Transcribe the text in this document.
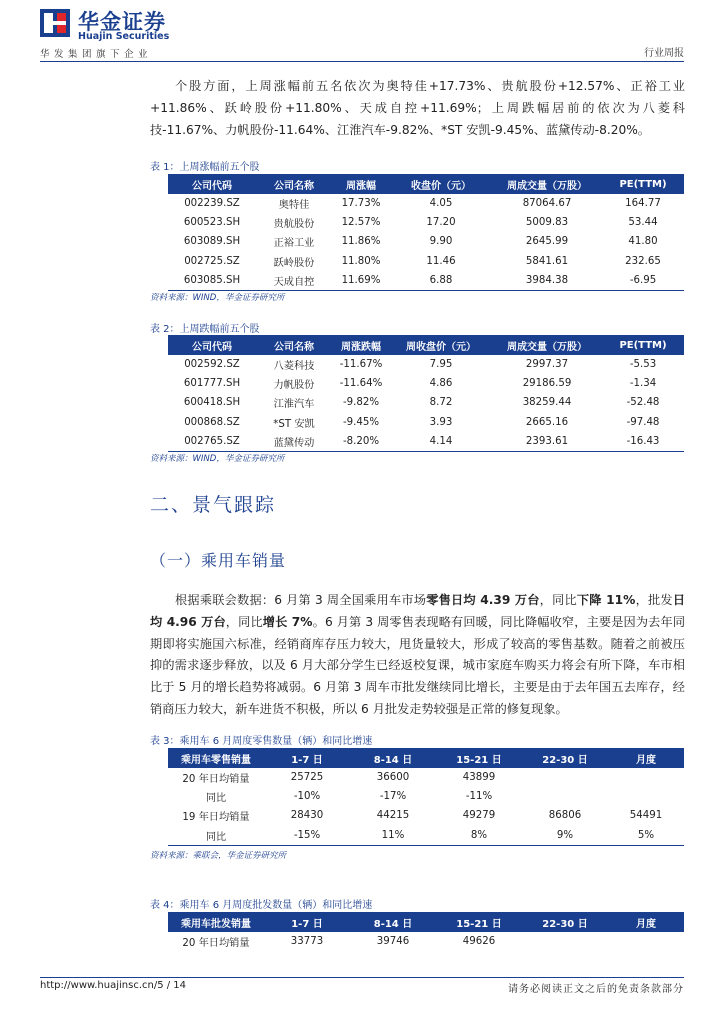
华金证券
Huajin Securities
华发集团旗下企业	行业周报
个股方面，上周涨幅前五名依次为奥特佳+17.73%、贵航股份+12.57%、正裕工业+11.86%、跃岭股份+11.80%、天成自控+11.69%；上周跌幅居前的依次为八菱科技-11.67%、力帆股份-11.64%、江淮汽车-9.82%、*ST 安凯-9.45%、蓝黛传动-8.20%。
表 1：上周涨幅前五个股
公司代码	公司名称	周涨幅	收盘价（元）	周成交量（万股）	PE(TTM)
002239.SZ	奥特佳	17.73%	4.05	87064.67	164.77
600523.SH	贵航股份	12.57%	17.20	5009.83	53.44
603089.SH	正裕工业	11.86%	9.90	2645.99	41.80
002725.SZ	跃岭股份	11.80%	11.46	5841.61	232.65
603085.SH	天成自控	11.69%	6.88	3984.38	-6.95
资料来源：WIND，华金证券研究所
表 2：上周跌幅前五个股
公司代码	公司名称	周涨跌幅	周收盘价（元）	周成交量（万股）	PE(TTM)
002592.SZ	八菱科技	-11.67%	7.95	2997.37	-5.53
601777.SH	力帆股份	-11.64%	4.86	29186.59	-1.34
600418.SH	江淮汽车	-9.82%	8.72	38259.44	-52.48
000868.SZ	*ST 安凯	-9.45%	3.93	2665.16	-97.48
002765.SZ	蓝黛传动	-8.20%	4.14	2393.61	-16.43
资料来源：WIND，华金证券研究所
二、景气跟踪
（一）乘用车销量
根据乘联会数据：6 月第 3 周全国乘用车市场零售日均 4.39 万台，同比下降 11%，批发日均 4.96 万台，同比增长 7%。6 月第 3 周零售表现略有回暖，同比降幅收窄，主要是因为去年同期即将实施国六标准，经销商库存压力较大，甩货量较大，形成了较高的零售基数。随着之前被压抑的需求逐步释放，以及 6 月大部分学生已经返校复课，城市家庭车购买力将会有所下降，车市相比于 5 月的增长趋势将减弱。6 月第 3 周车市批发继续同比增长，主要是由于去年国五去库存，经销商压力较大，新车进货不积极，所以 6 月批发走势较强是正常的修复现象。
表 3：乘用车 6 月周度零售数量（辆）和同比增速
乘用车零售销量	1-7 日	8-14 日	15-21 日	22-30 日	月度
20 年日均销量	25725	36600	43899		
同比	-10%	-17%	-11%		
19 年日均销量	28430	44215	49279	86806	54491
同比	-15%	11%	8%	9%	5%
资料来源：乘联会，华金证券研究所
表 4：乘用车 6 月周度批发数量（辆）和同比增速
乘用车批发销量	1-7 日	8-14 日	15-21 日	22-30 日	月度
20 年日均销量	33773	39746	49626		
http://www.huajinsc.cn/5 / 14	请务必阅读正文之后的免责条款部分
